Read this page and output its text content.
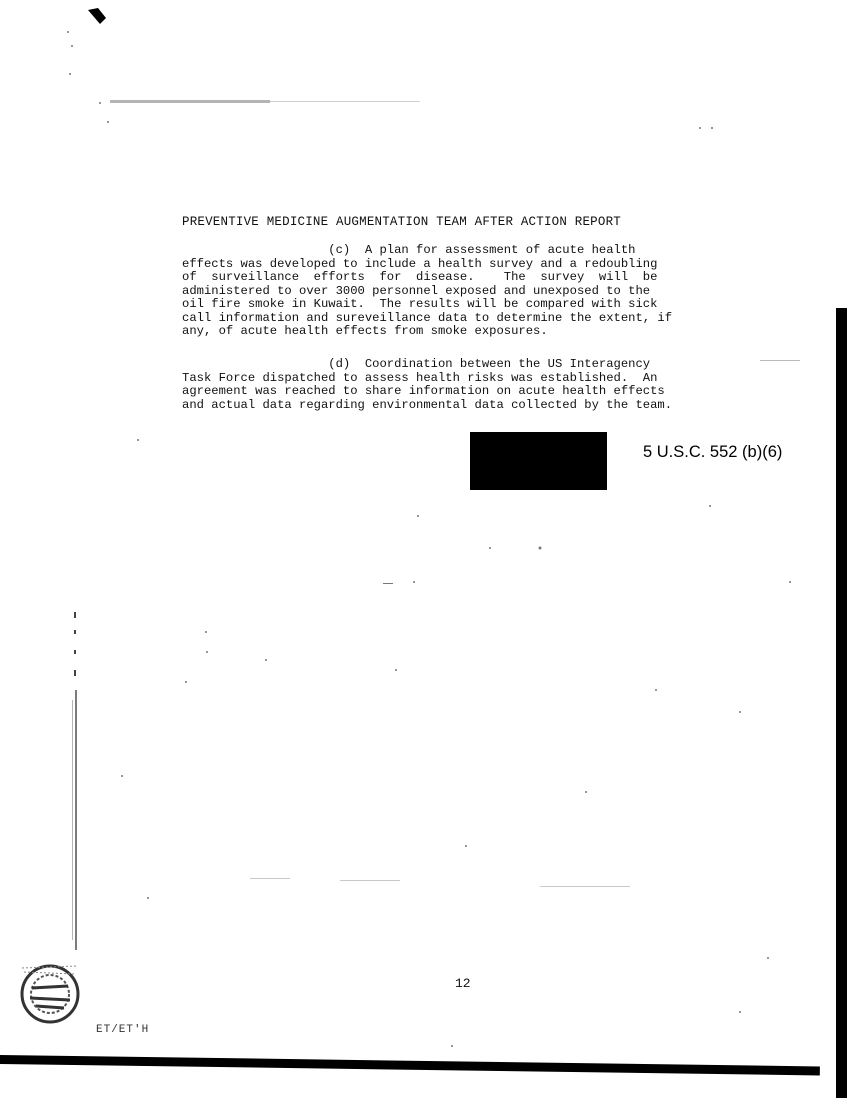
PREVENTIVE MEDICINE AUGMENTATION TEAM AFTER ACTION REPORT
(c)  A plan for assessment of acute health
effects was developed to include a health survey and a redoubling
of  surveillance  efforts  for  disease.    The  survey  will  be
administered to over 3000 personnel exposed and unexposed to the
oil fire smoke in Kuwait.  The results will be compared with sick
call information and sureveillance data to determine the extent, if
any, of acute health effects from smoke exposures.
(d)  Coordination between the US Interagency
Task Force dispatched to assess health risks was established.  An
agreement was reached to share information on acute health effects
and actual data regarding environmental data collected by the team.
5 U.S.C. 552 (b)(6)
12
ET/ET'H
